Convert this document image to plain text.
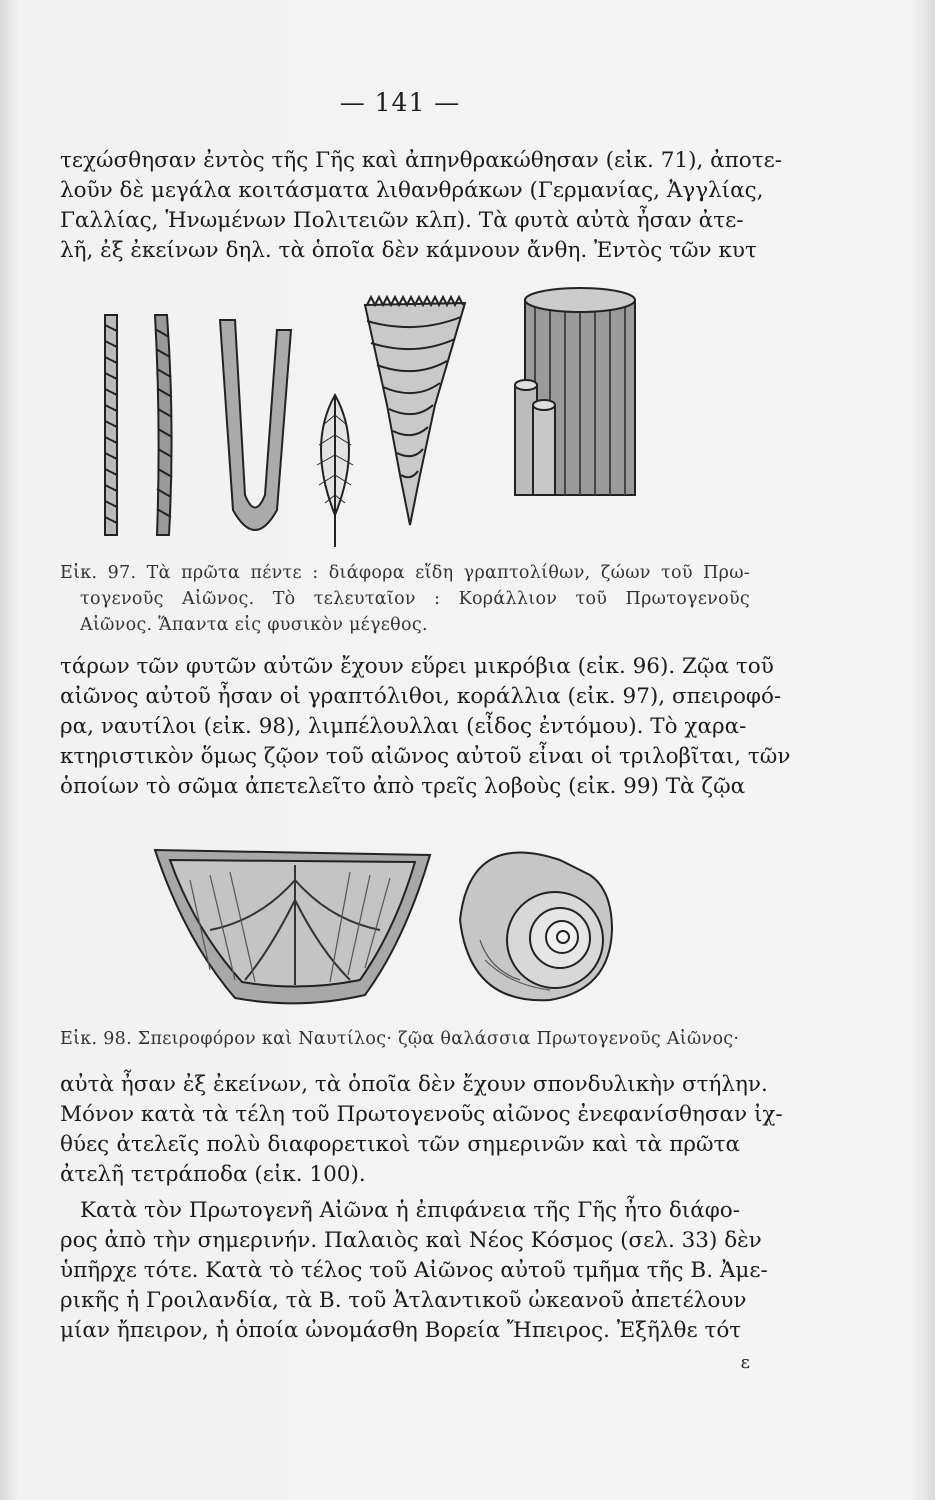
— 141 —
τεχώσθησαν ἐντὸς τῆς Γῆς καὶ ἀπηνθρακώθησαν (εἰκ. 71), ἀποτε-
λοῦν δὲ μεγάλα κοιτάσματα λιθανθράκων (Γερμανίας, Ἀγγλίας,
Γαλλίας, Ἡνωμένων Πολιτειῶν κλπ). Τὰ φυτὰ αὐτὰ ἦσαν ἀτε-
λῆ, ἐξ ἐκείνων δηλ. τὰ ὁποῖα δὲν κάμνουν ἄνθη. Ἐντὸς τῶν κυτ
Εἰκ. 97. Τὰ πρῶτα πέντε : διάφορα εἴδη γραπτολίθων, ζώων τοῦ Πρω-
τογενοῦς Αἰῶνος. Τὸ τελευταῖον : Κοράλλιον τοῦ Πρωτογενοῦς
Αἰῶνος. Ἅπαντα εἰς φυσικὸν μέγεθος.
τάρων τῶν φυτῶν αὐτῶν ἔχουν εὕρει μικρόβια (εἰκ. 96). Ζῷα τοῦ
αἰῶνος αὐτοῦ ἦσαν οἱ γραπτόλιθοι, κοράλλια (εἰκ. 97), σπειροφό-
ρα, ναυτίλοι (εἰκ. 98), λιμπέλουλλαι (εἶδος ἐντόμου). Τὸ χαρα-
κτηριστικὸν ὅμως ζῷον τοῦ αἰῶνος αὐτοῦ εἶναι οἱ τριλοβῖται, τῶν
ὁποίων τὸ σῶμα ἀπετελεῖτο ἀπὸ τρεῖς λοβοὺς (εἰκ. 99) Τὰ ζῷα
Εἰκ. 98. Σπειροφόρον καὶ Ναυτίλος· ζῷα θαλάσσια Πρωτογενοῦς Αἰῶνος·
αὐτὰ ἦσαν ἐξ ἐκείνων, τὰ ὁποῖα δὲν ἔχουν σπονδυλικὴν στήλην.
Μόνον κατὰ τὰ τέλη τοῦ Πρωτογενοῦς αἰῶνος ἐνεφανίσθησαν ἰχ-
θύες ἀτελεῖς πολὺ διαφορετικοὶ τῶν σημερινῶν καὶ τὰ πρῶτα
ἀτελῆ τετράποδα (εἰκ. 100).
Κατὰ τὸν Πρωτογενῆ Αἰῶνα ἡ ἐπιφάνεια τῆς Γῆς ἦτο διάφο-
ρος ἀπὸ τὴν σημερινήν. Παλαιὸς καὶ Νέος Κόσμος (σελ. 33) δὲν
ὑπῆρχε τότε. Κατὰ τὸ τέλος τοῦ Αἰῶνος αὐτοῦ τμῆμα τῆς Β. Ἀμε-
ρικῆς ἡ Γροιλανδία, τὰ Β. τοῦ Ἀτλαντικοῦ ὠκεανοῦ ἀπετέλουν
μίαν ἤπειρον, ἡ ὁποία ὠνομάσθη Βορεία Ἤπειρος. Ἐξῆλθε τότ
ε
